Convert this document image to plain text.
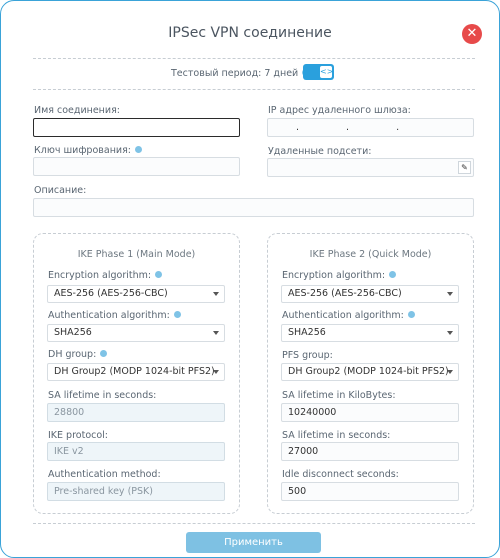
IPSec VPN соединение	✕
Тестовый период: 7 дней	<>
Имя соединения:	IP адрес удаленного шлюза:
. . .
Ключ шифрования:	Удаленные подсети:
✎
Описание:
IKE Phase 1 (Main Mode)
Encryption algorithm:
AES-256 (AES-256-CBC)
Authentication algorithm:
SHA256
DH group:
DH Group2 (MODP 1024-bit PFS2)
SA lifetime in seconds:
28800
IKE protocol:
IKE v2
Authentication method:
Pre-shared key (PSK)
IKE Phase 2 (Quick Mode)
Encryption algorithm:
AES-256 (AES-256-CBC)
Authentication algorithm:
SHA256
PFS group:
DH Group2 (MODP 1024-bit PFS2)
SA lifetime in KiloBytes:
10240000
SA lifetime in seconds:
27000
Idle disconnect seconds:
500
Применить
